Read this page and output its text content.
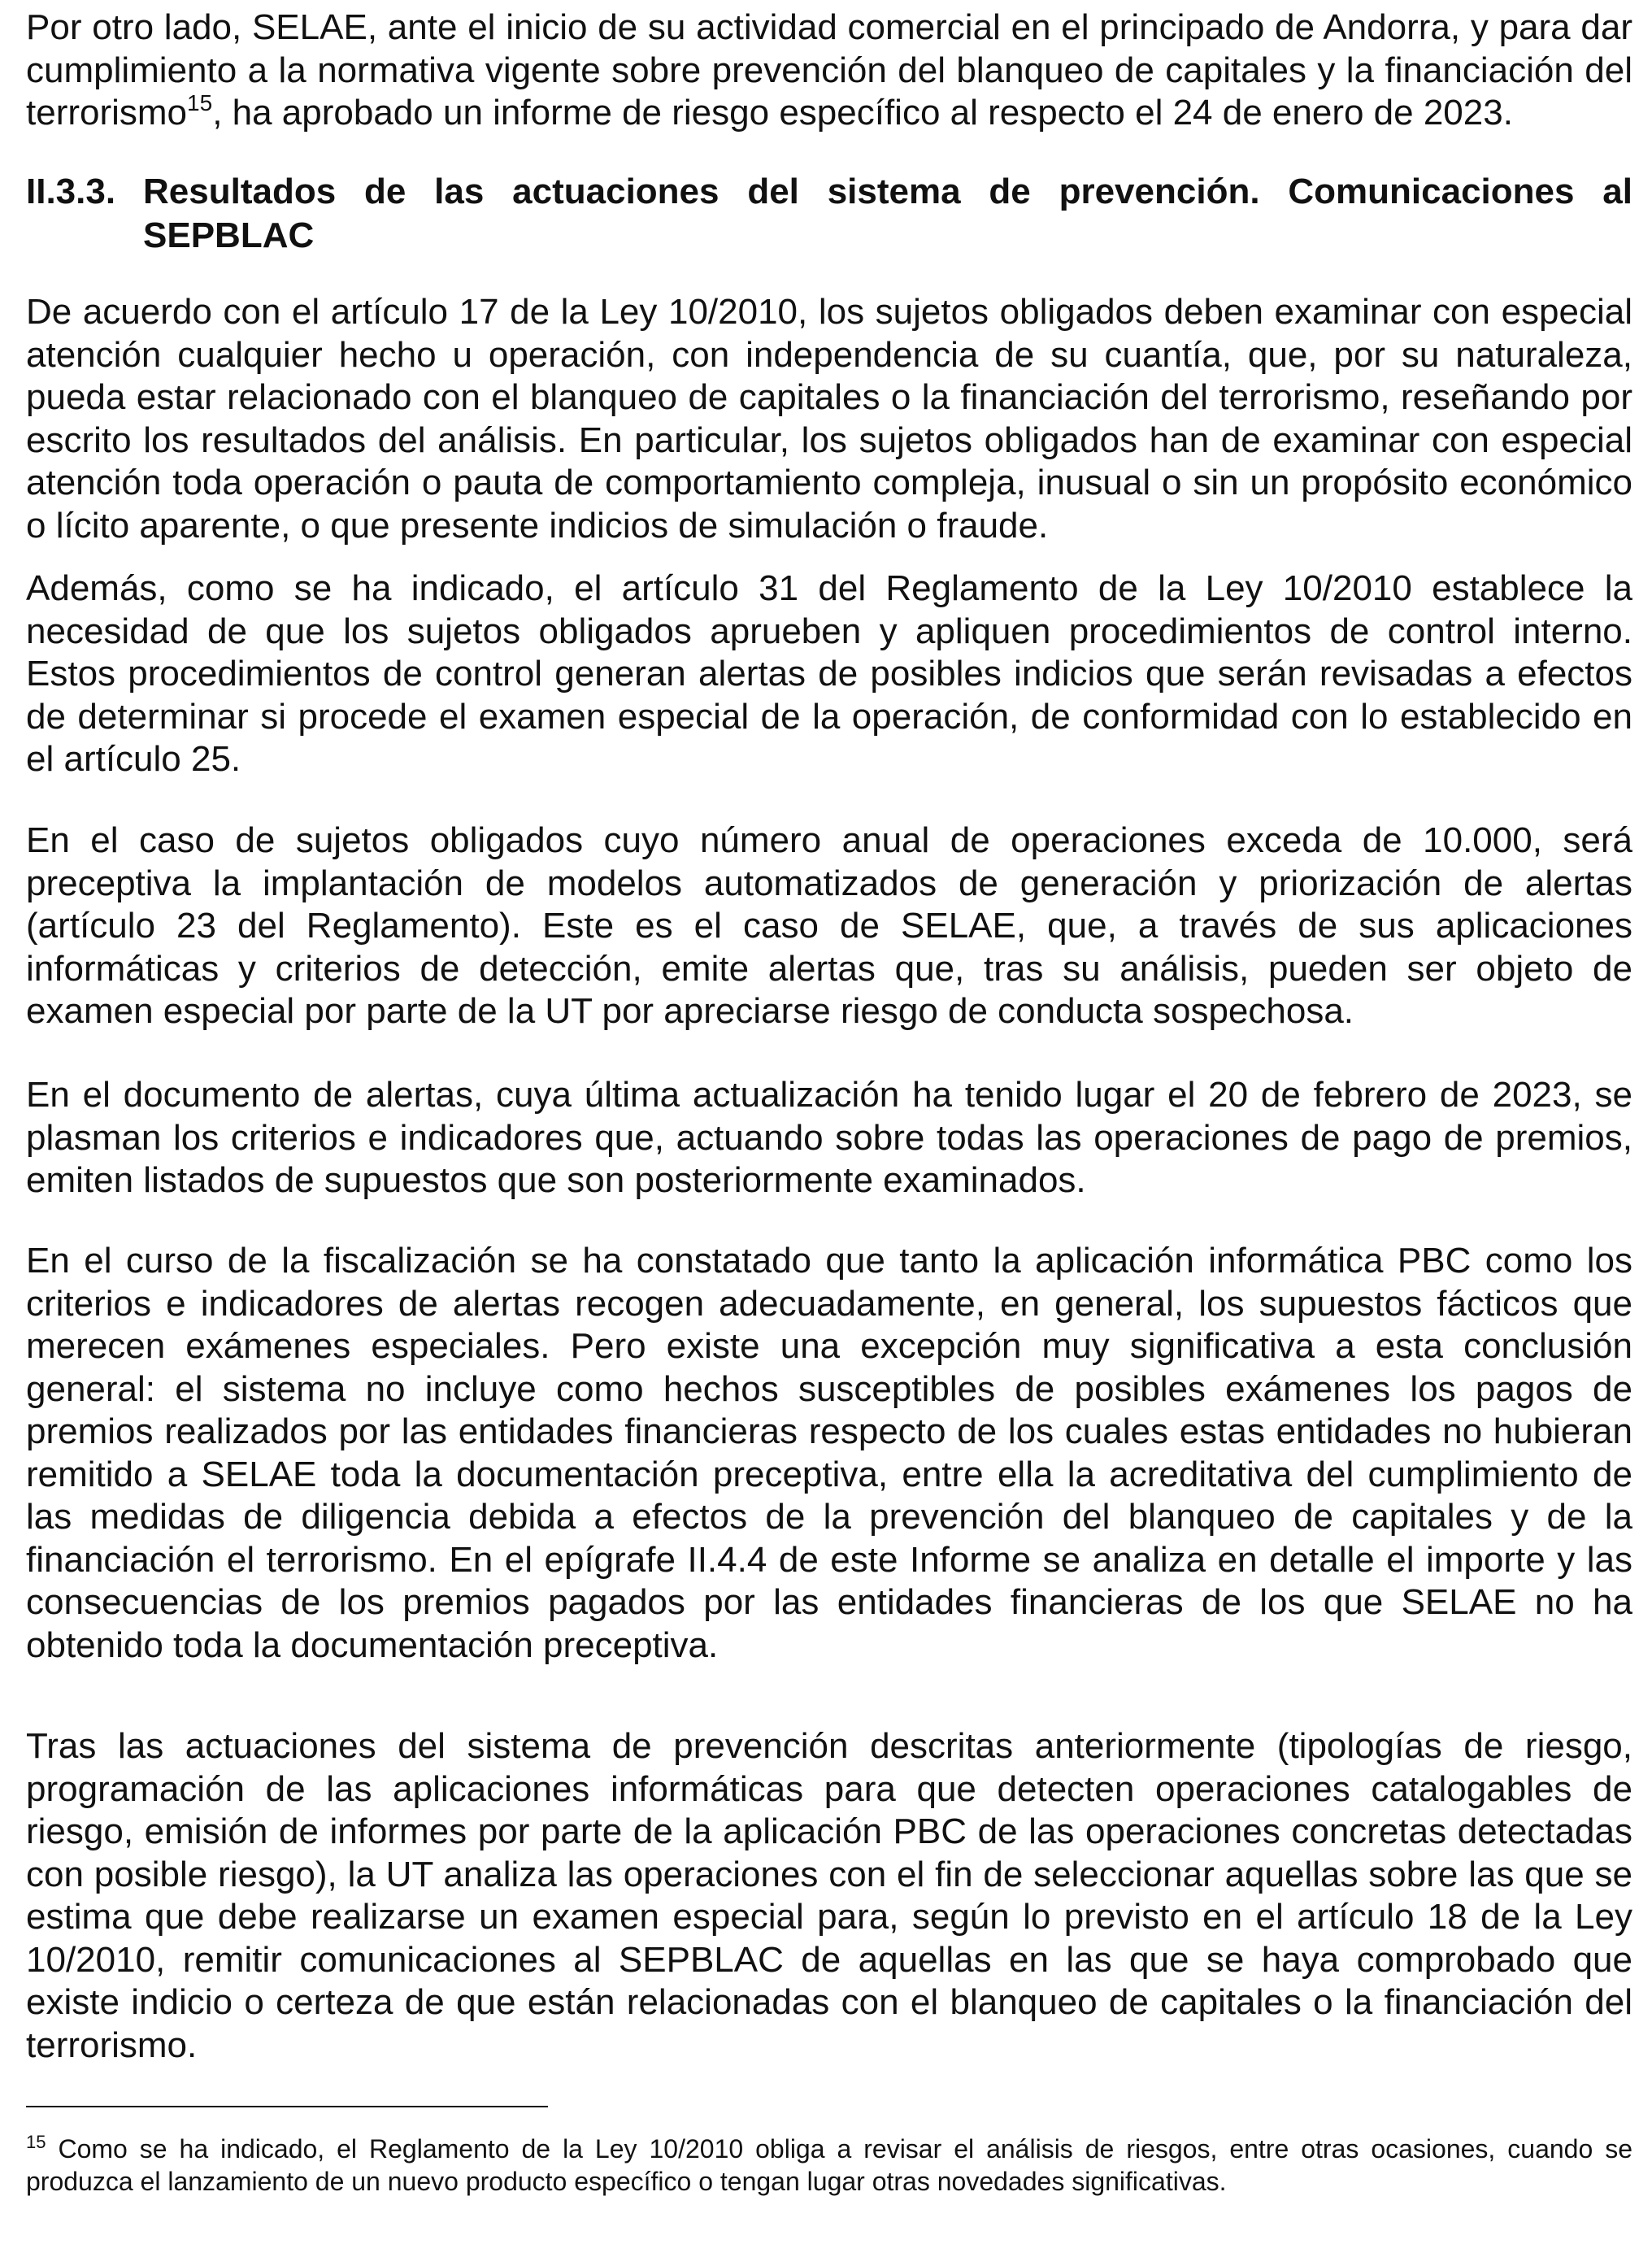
Por otro lado, SELAE, ante el inicio de su actividad comercial en el principado de Andorra, y para dar cumplimiento a la normativa vigente sobre prevención del blanqueo de capitales y la financiación del terrorismo$^{15}$, ha aprobado un informe de riesgo específico al respecto el 24 de enero de 2023.

II.3.3. Resultados de las actuaciones del sistema de prevención. Comunicaciones al SEPBLAC

De acuerdo con el artículo 17 de la Ley 10/2010, los sujetos obligados deben examinar con especial atención cualquier hecho u operación, con independencia de su cuantía, que, por su naturaleza, pueda estar relacionado con el blanqueo de capitales o la financiación del terrorismo, reseñando por escrito los resultados del análisis. En particular, los sujetos obligados han de examinar con especial atención toda operación o pauta de comportamiento compleja, inusual o sin un propósito económico o lícito aparente, o que presente indicios de simulación o fraude.

Además, como se ha indicado, el artículo 31 del Reglamento de la Ley 10/2010 establece la necesidad de que los sujetos obligados aprueben y apliquen procedimientos de control interno. Estos procedimientos de control generan alertas de posibles indicios que serán revisadas a efectos de determinar si procede el examen especial de la operación, de conformidad con lo establecido en el artículo 25.

En el caso de sujetos obligados cuyo número anual de operaciones exceda de 10.000, será preceptiva la implantación de modelos automatizados de generación y priorización de alertas (artículo 23 del Reglamento). Este es el caso de SELAE, que, a través de sus aplicaciones informáticas y criterios de detección, emite alertas que, tras su análisis, pueden ser objeto de examen especial por parte de la UT por apreciarse riesgo de conducta sospechosa.

En el documento de alertas, cuya última actualización ha tenido lugar el 20 de febrero de 2023, se plasman los criterios e indicadores que, actuando sobre todas las operaciones de pago de premios, emiten listados de supuestos que son posteriormente examinados.

En el curso de la fiscalización se ha constatado que tanto la aplicación informática PBC como los criterios e indicadores de alertas recogen adecuadamente, en general, los supuestos fácticos que merecen exámenes especiales. Pero existe una excepción muy significativa a esta conclusión general: el sistema no incluye como hechos susceptibles de posibles exámenes los pagos de premios realizados por las entidades financieras respecto de los cuales estas entidades no hubieran remitido a SELAE toda la documentación preceptiva, entre ella la acreditativa del cumplimiento de las medidas de diligencia debida a efectos de la prevención del blanqueo de capitales y de la financiación el terrorismo. En el epígrafe II.4.4 de este Informe se analiza en detalle el importe y las consecuencias de los premios pagados por las entidades financieras de los que SELAE no ha obtenido toda la documentación preceptiva.

Tras las actuaciones del sistema de prevención descritas anteriormente (tipologías de riesgo, programación de las aplicaciones informáticas para que detecten operaciones catalogables de riesgo, emisión de informes por parte de la aplicación PBC de las operaciones concretas detectadas con posible riesgo), la UT analiza las operaciones con el fin de seleccionar aquellas sobre las que se estima que debe realizarse un examen especial para, según lo previsto en el artículo 18 de la Ley 10/2010, remitir comunicaciones al SEPBLAC de aquellas en las que se haya comprobado que existe indicio o certeza de que están relacionadas con el blanqueo de capitales o la financiación del terrorismo.

$^{15}$ Como se ha indicado, el Reglamento de la Ley 10/2010 obliga a revisar el análisis de riesgos, entre otras ocasiones, cuando se produzca el lanzamiento de un nuevo producto específico o tengan lugar otras novedades significativas.
